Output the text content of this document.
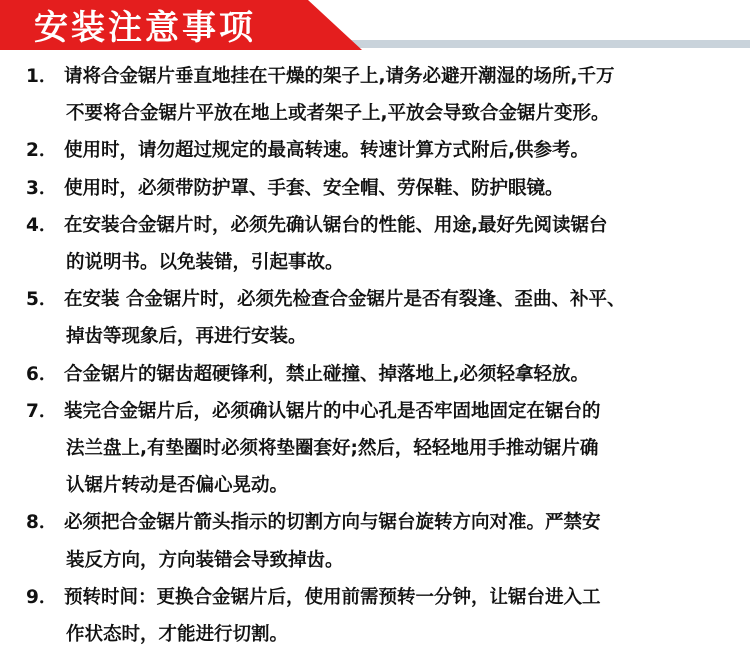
安装注意事项
1． 请将合金锯片垂直地挂在干燥的架子上,请务必避开潮湿的场所,千万
不要将合金锯片平放在地上或者架子上,平放会导致合金锯片变形。
2． 使用时，请勿超过规定的最高转速。转速计算方式附后,供参考。
3． 使用时，必须带防护罩、手套、安全帽、劳保鞋、防护眼镜。
4． 在安装合金锯片时，必须先确认锯台的性能、用途,最好先阅读锯台
的说明书。以免装错，引起事故。
5． 在安装 合金锯片时，必须先检查合金锯片是否有裂逢、歪曲、补平、
掉齿等现象后，再进行安装。
6． 合金锯片的锯齿超硬锋利，禁止碰撞、掉落地上,必须轻拿轻放。
7． 装完合金锯片后，必须确认锯片的中心孔是否牢固地固定在锯台的
法兰盘上,有垫圈时必须将垫圈套好;然后，轻轻地用手推动锯片确
认锯片转动是否偏心晃动。
8． 必须把合金锯片箭头指示的切割方向与锯台旋转方向对准。严禁安
装反方向，方向装错会导致掉齿。
9． 预转时间：更换合金锯片后，使用前需预转一分钟，让锯台进入工
作状态时，才能进行切割。
